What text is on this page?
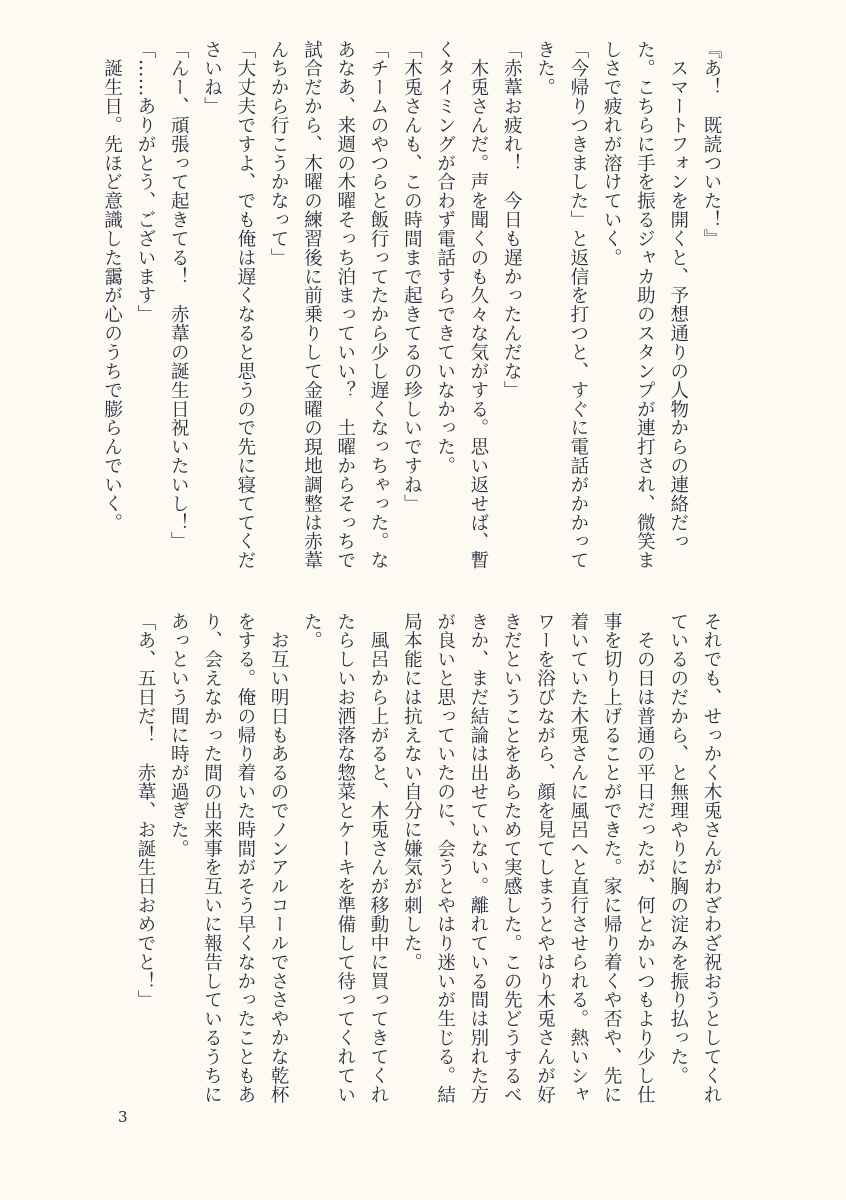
『あ！　既読ついた！』

　スマートフォンを開くと、予想通りの人物からの連絡だった。こちらに手を振るジャカ助のスタンプが連打され、微笑ましさで疲れが溶けていく。

「今帰りつきました」と返信を打つと、すぐに電話がかかってきた。

「赤葦お疲れ！　今日も遅かったんだな」

　木兎さんだ。声を聞くのも久々な気がする。思い返せば、暫くタイミングが合わず電話すらできていなかった。

「木兎さんも、この時間まで起きてるの珍しいですね」

「チームのやつらと飯行ってたから少し遅くなっちゃった。なあなあ、来週の木曜そっち泊まっていい？　土曜からそっちで試合だから、木曜の練習後に前乗りして金曜の現地調整は赤葦んちから行こうかなって」

「大丈夫ですよ、でも俺は遅くなると思うので先に寝ててくださいね」

「んー、頑張って起きてる！　赤葦の誕生日祝いたいし！」

「……ありがとう、ございます」

　誕生日。先ほど意識した靄が心のうちで膨らんでいく。

それでも、せっかく木兎さんがわざわざ祝おうとしてくれているのだから、と無理やりに胸の淀みを振り払った。

　その日は普通の平日だったが、何とかいつもより少し仕事を切り上げることができた。家に帰り着くや否や、先に着いていた木兎さんに風呂へと直行させられる。熱いシャワーを浴びながら、顔を見てしまうとやはり木兎さんが好きだということをあらためて実感した。この先どうするべきか、まだ結論は出せていない。離れている間は別れた方が良いと思っていたのに、会うとやはり迷いが生じる。結局本能には抗えない自分に嫌気が刺した。

　風呂から上がると、木兎さんが移動中に買ってきてくれたらしいお洒落な惣菜とケーキを準備して待ってくれていた。

　お互い明日もあるのでノンアルコールでささやかな乾杯をする。俺の帰り着いた時間がそう早くなかったこともあり、会えなかった間の出来事を互いに報告しているうちにあっという間に時が過ぎた。

「あ、五日だ！　赤葦、お誕生日おめでと！」

3
